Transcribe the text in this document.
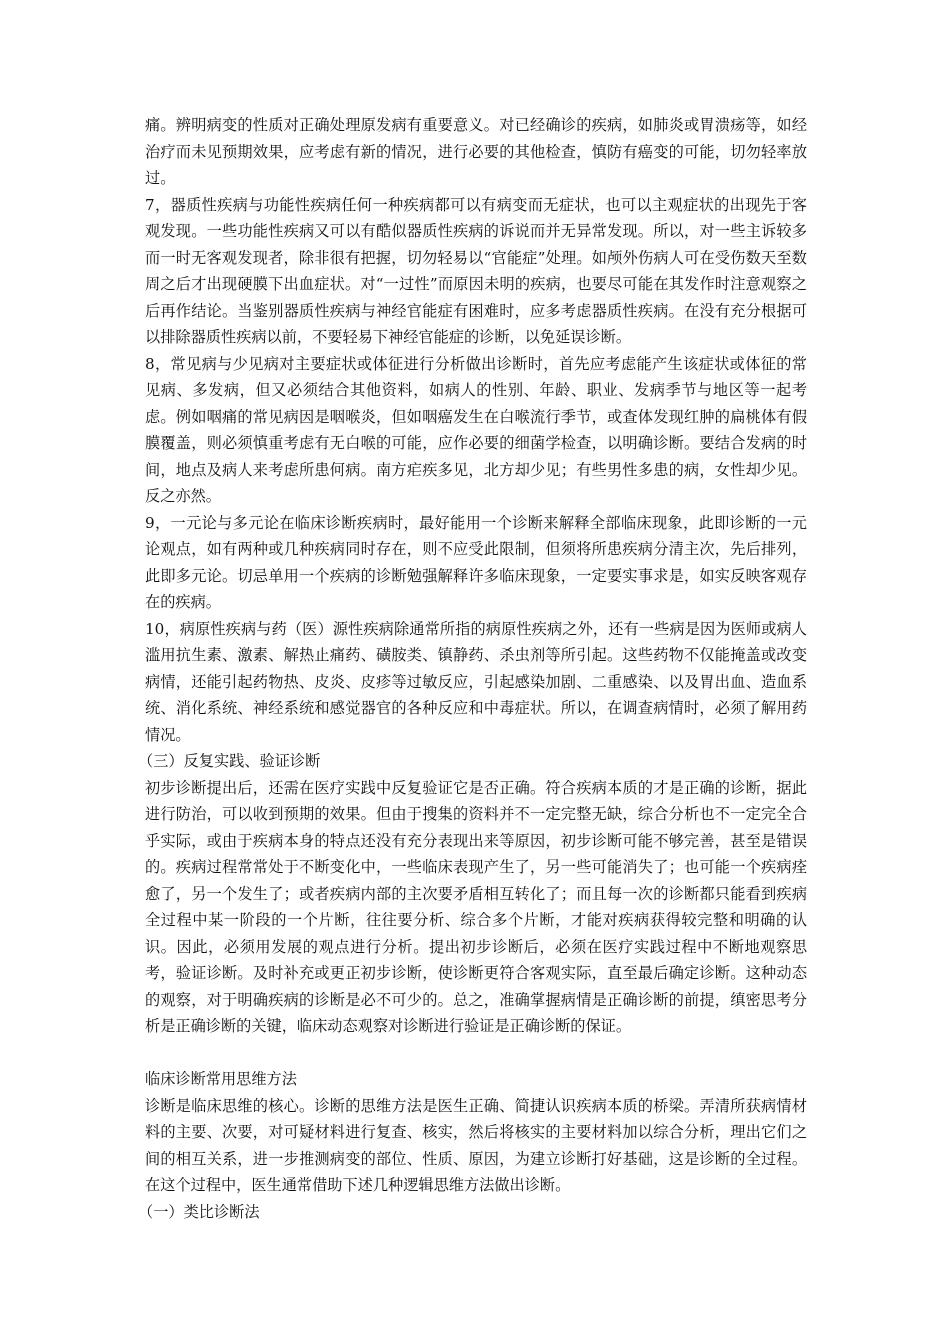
痛。辨明病变的性质对正确处理原发病有重要意义。对已经确诊的疾病，如肺炎或胃溃疡等，如经治疗而未见预期效果，应考虑有新的情况，进行必要的其他检查，慎防有癌变的可能，切勿轻率放过。

7，器质性疾病与功能性疾病任何一种疾病都可以有病变而无症状，也可以主观症状的出现先于客观发现。一些功能性疾病又可以有酷似器质性疾病的诉说而并无异常发现。所以，对一些主诉较多而一时无客观发现者，除非很有把握，切勿轻易以“官能症”处理。如颅外伤病人可在受伤数天至数周之后才出现硬膜下出血症状。对“一过性”而原因未明的疾病，也要尽可能在其发作时注意观察之后再作结论。当鉴别器质性疾病与神经官能症有困难时，应多考虑器质性疾病。在没有充分根据可以排除器质性疾病以前，不要轻易下神经官能症的诊断，以免延误诊断。

8，常见病与少见病对主要症状或体征进行分析做出诊断时，首先应考虑能产生该症状或体征的常见病、多发病，但又必须结合其他资料，如病人的性别、年龄、职业、发病季节与地区等一起考虑。例如咽痛的常见病因是咽喉炎，但如咽癌发生在白喉流行季节，或查体发现红肿的扁桃体有假膜覆盖，则必须慎重考虑有无白喉的可能，应作必要的细菌学检查，以明确诊断。要结合发病的时间，地点及病人来考虑所患何病。南方疟疾多见，北方却少见；有些男性多患的病，女性却少见。反之亦然。

9，一元论与多元论在临床诊断疾病时，最好能用一个诊断来解释全部临床现象，此即诊断的一元论观点，如有两种或几种疾病同时存在，则不应受此限制，但须将所患疾病分清主次，先后排列，此即多元论。切忌单用一个疾病的诊断勉强解释许多临床现象，一定要实事求是，如实反映客观存在的疾病。

10，病原性疾病与药（医）源性疾病除通常所指的病原性疾病之外，还有一些病是因为医师或病人滥用抗生素、激素、解热止痛药、磺胺类、镇静药、杀虫剂等所引起。这些药物不仅能掩盖或改变病情，还能引起药物热、皮炎、皮疹等过敏反应，引起感染加剧、二重感染、以及胃出血、造血系统、消化系统、神经系统和感觉器官的各种反应和中毒症状。所以，在调查病情时，必须了解用药情况。

（三）反复实践、验证诊断

初步诊断提出后，还需在医疗实践中反复验证它是否正确。符合疾病本质的才是正确的诊断，据此进行防治，可以收到预期的效果。但由于搜集的资料并不一定完整无缺，综合分析也不一定完全合乎实际，或由于疾病本身的特点还没有充分表现出来等原因，初步诊断可能不够完善，甚至是错误的。疾病过程常常处于不断变化中，一些临床表现产生了，另一些可能消失了；也可能一个疾病痊愈了，另一个发生了；或者疾病内部的主次要矛盾相互转化了；而且每一次的诊断都只能看到疾病全过程中某一阶段的一个片断，往往要分析、综合多个片断，才能对疾病获得较完整和明确的认识。因此，必须用发展的观点进行分析。提出初步诊断后，必须在医疗实践过程中不断地观察思考，验证诊断。及时补充或更正初步诊断，使诊断更符合客观实际，直至最后确定诊断。这种动态的观察，对于明确疾病的诊断是必不可少的。总之，准确掌握病情是正确诊断的前提，缜密思考分析是正确诊断的关键，临床动态观察对诊断进行验证是正确诊断的保证。

临床诊断常用思维方法

诊断是临床思维的核心。诊断的思维方法是医生正确、简捷认识疾病本质的桥梁。弄清所获病情材料的主要、次要，对可疑材料进行复查、核实，然后将核实的主要材料加以综合分析，理出它们之间的相互关系，进一步推测病变的部位、性质、原因，为建立诊断打好基础，这是诊断的全过程。在这个过程中，医生通常借助下述几种逻辑思维方法做出诊断。

（一）类比诊断法
